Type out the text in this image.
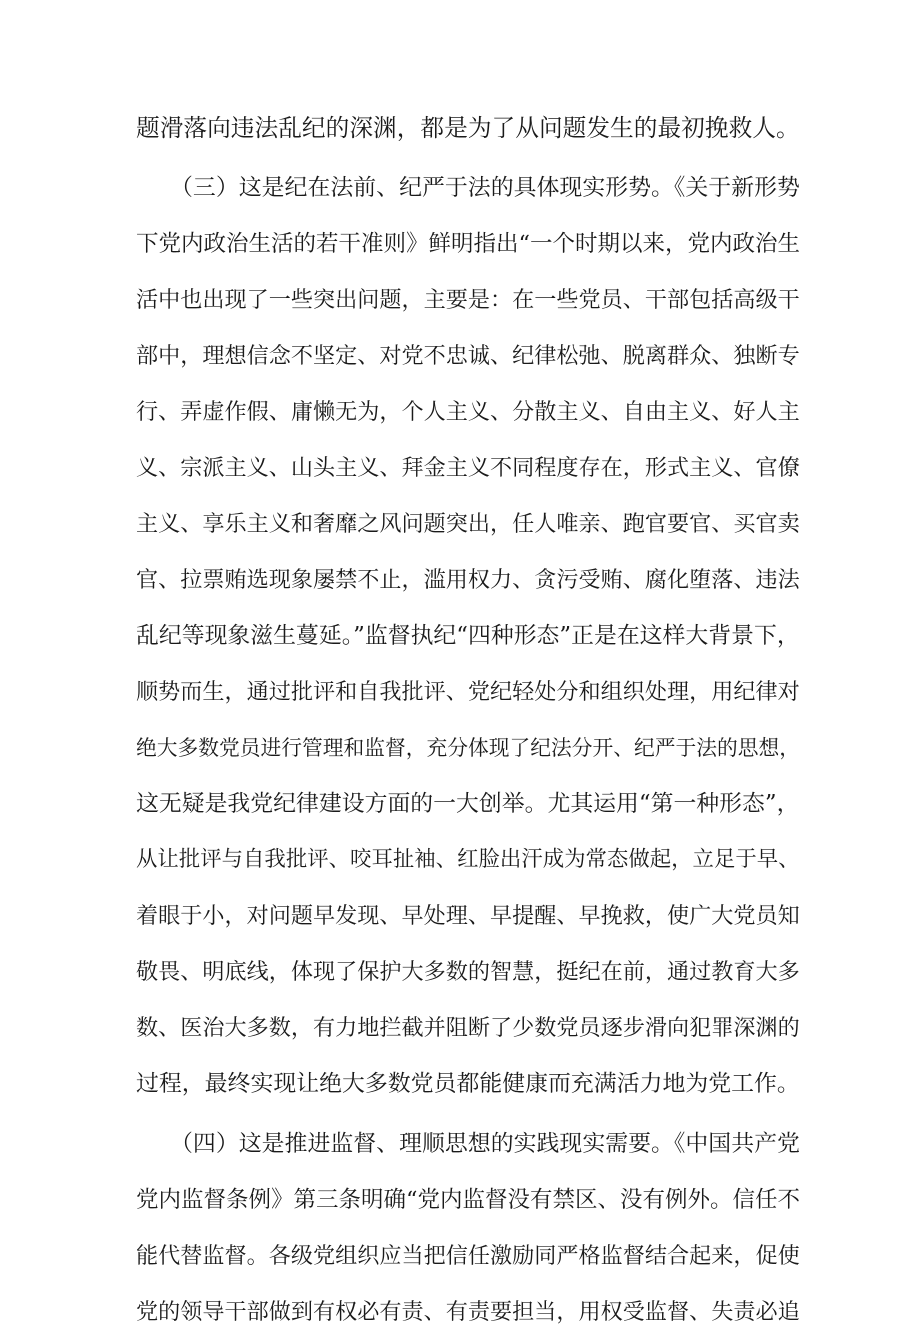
题滑落向违法乱纪的深渊，都是为了从问题发生的最初挽救人。
（三）这是纪在法前、纪严于法的具体现实形势。《关于新形势
下党内政治生活的若干准则》鲜明指出“一个时期以来，党内政治生
活中也出现了一些突出问题，主要是：在一些党员、干部包括高级干
部中，理想信念不坚定、对党不忠诚、纪律松弛、脱离群众、独断专
行、弄虚作假、庸懒无为，个人主义、分散主义、自由主义、好人主
义、宗派主义、山头主义、拜金主义不同程度存在，形式主义、官僚
主义、享乐主义和奢靡之风问题突出，任人唯亲、跑官要官、买官卖
官、拉票贿选现象屡禁不止，滥用权力、贪污受贿、腐化堕落、违法
乱纪等现象滋生蔓延。”监督执纪“四种形态”正是在这样大背景下，
顺势而生，通过批评和自我批评、党纪轻处分和组织处理，用纪律对
绝大多数党员进行管理和监督，充分体现了纪法分开、纪严于法的思想，
这无疑是我党纪律建设方面的一大创举。尤其运用“第一种形态”，
从让批评与自我批评、咬耳扯袖、红脸出汗成为常态做起，立足于早、
着眼于小，对问题早发现、早处理、早提醒、早挽救，使广大党员知
敬畏、明底线，体现了保护大多数的智慧，挺纪在前，通过教育大多
数、医治大多数，有力地拦截并阻断了少数党员逐步滑向犯罪深渊的
过程，最终实现让绝大多数党员都能健康而充满活力地为党工作。
（四）这是推进监督、理顺思想的实践现实需要。《中国共产党
党内监督条例》第三条明确“党内监督没有禁区、没有例外。信任不
能代替监督。各级党组织应当把信任激励同严格监督结合起来，促使
党的领导干部做到有权必有责、有责要担当，用权受监督、失责必追
